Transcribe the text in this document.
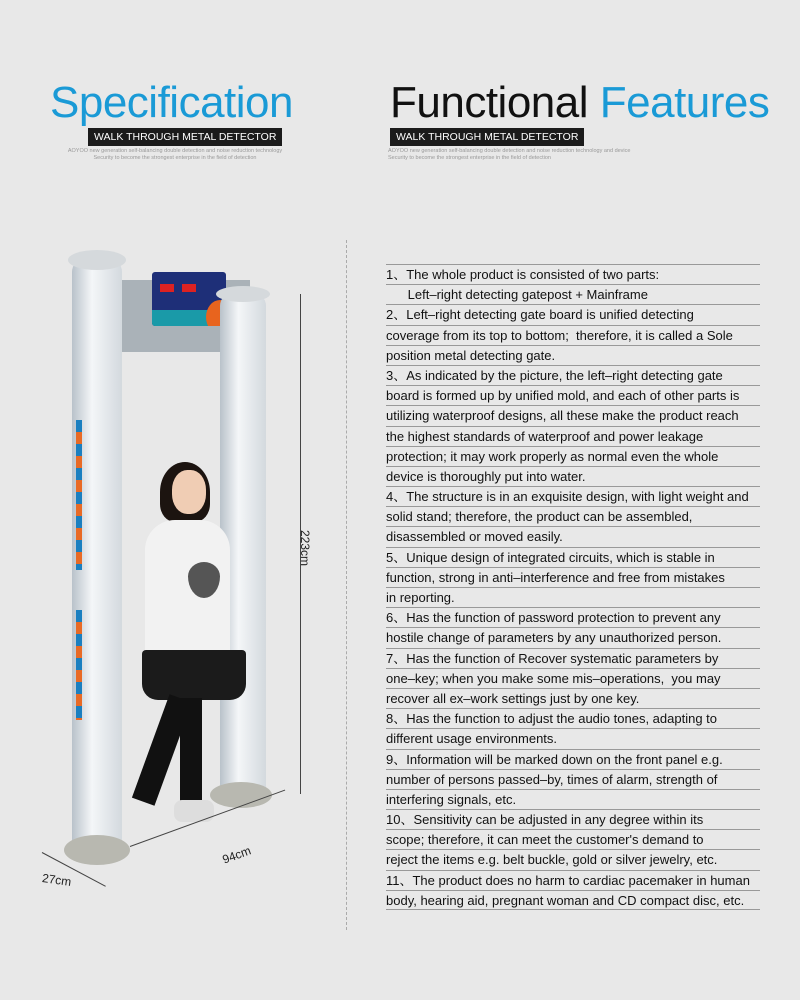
Specification
WALK THROUGH METAL DETECTOR
AOYOO new generation self-balancing double detection and noise reduction technology
Security to become the strongest enterprise in the field of detection
Functional Features
WALK THROUGH METAL DETECTOR
AOYOO new generation self-balancing double detection and noise reduction technology and device
Security to become the strongest enterprise in the field of detection
223cm
94cm
27cm
1、The whole product is consisted of two parts:
Left–right detecting gatepost + Mainframe
2、Left–right detecting gate board is unified detecting
coverage from its top to bottom;  therefore, it is called a Sole
position metal detecting gate.
3、As indicated by the picture, the left–right detecting gate
board is formed up by unified mold, and each of other parts is
utilizing waterproof designs, all these make the product reach
the highest standards of waterproof and power leakage
protection; it may work properly as normal even the whole
device is thoroughly put into water.
4、The structure is in an exquisite design, with light weight and
solid stand; therefore, the product can be assembled,
disassembled or moved easily.
5、Unique design of integrated circuits, which is stable in
function, strong in anti–interference and free from mistakes
in reporting.
6、Has the function of password protection to prevent any
hostile change of parameters by any unauthorized person.
7、Has the function of Recover systematic parameters by
one–key; when you make some mis–operations,  you may
recover all ex–work settings just by one key.
8、Has the function to adjust the audio tones, adapting to
different usage environments.
9、Information will be marked down on the front panel e.g.
number of persons passed–by, times of alarm, strength of
interfering signals, etc.
10、Sensitivity can be adjusted in any degree within its
scope; therefore, it can meet the customer's demand to
reject the items e.g. belt buckle, gold or silver jewelry, etc.
11、The product does no harm to cardiac pacemaker in human
body, hearing aid, pregnant woman and CD compact disc, etc.
